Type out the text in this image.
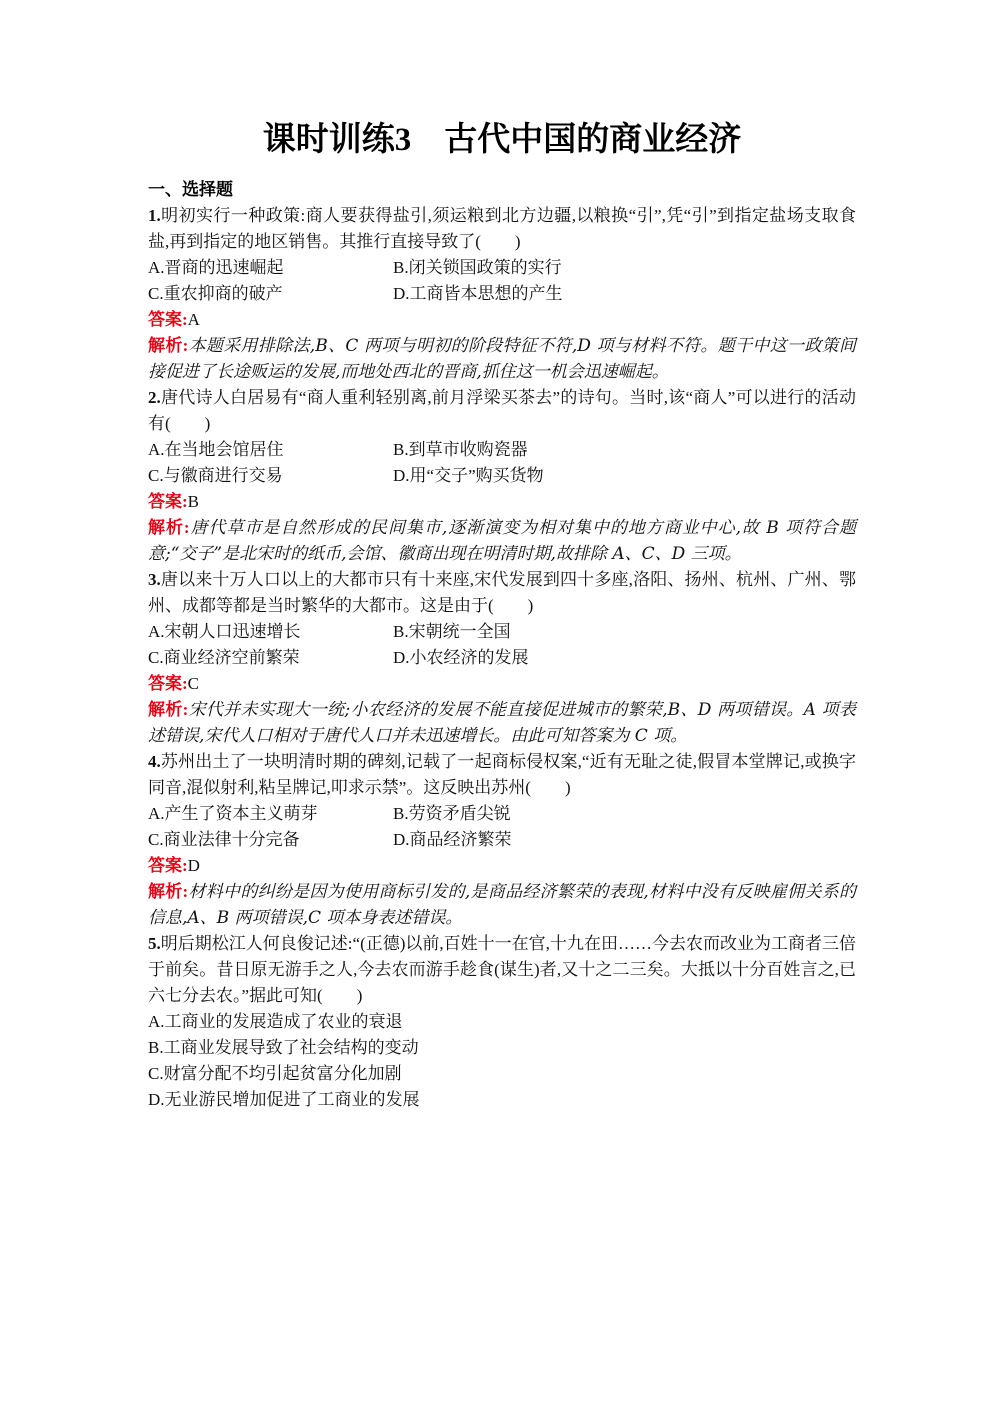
课时训练3　古代中国的商业经济
一、选择题

1.明初实行一种政策:商人要获得盐引,须运粮到北方边疆,以粮换“引”,凭“引”到指定盐场支取食盐,再到指定的地区销售。其推行直接导致了(　　)

A.晋商的迅速崛起	B.闭关锁国政策的实行
C.重农抑商的破产	D.工商皆本思想的产生

答案:A

解析:本题采用排除法,B、C 两项与明初的阶段特征不符,D 项与材料不符。题干中这一政策间接促进了长途贩运的发展,而地处西北的晋商,抓住这一机会迅速崛起。

2.唐代诗人白居易有“商人重利轻别离,前月浮梁买茶去”的诗句。当时,该“商人”可以进行的活动有(　　)

A.在当地会馆居住	B.到草市收购瓷器
C.与徽商进行交易	D.用“交子”购买货物

答案:B

解析:唐代草市是自然形成的民间集市,逐渐演变为相对集中的地方商业中心,故 B 项符合题意;“交子”是北宋时的纸币,会馆、徽商出现在明清时期,故排除 A、C、D 三项。

3.唐以来十万人口以上的大都市只有十来座,宋代发展到四十多座,洛阳、扬州、杭州、广州、鄂州、成都等都是当时繁华的大都市。这是由于(　　)

A.宋朝人口迅速增长	B.宋朝统一全国
C.商业经济空前繁荣	D.小农经济的发展

答案:C

解析:宋代并未实现大一统;小农经济的发展不能直接促进城市的繁荣,B、D 两项错误。A 项表述错误,宋代人口相对于唐代人口并未迅速增长。由此可知答案为 C 项。

4.苏州出土了一块明清时期的碑刻,记载了一起商标侵权案,“近有无耻之徒,假冒本堂牌记,或换字同音,混似射利,粘呈牌记,叩求示禁”。这反映出苏州(　　)

A.产生了资本主义萌芽	B.劳资矛盾尖锐
C.商业法律十分完备	D.商品经济繁荣

答案:D

解析:材料中的纠纷是因为使用商标引发的,是商品经济繁荣的表现,材料中没有反映雇佣关系的信息,A、B 两项错误,C 项本身表述错误。

5.明后期松江人何良俊记述:“(正德)以前,百姓十一在官,十九在田……今去农而改业为工商者三倍于前矣。昔日原无游手之人,今去农而游手趁食(谋生)者,又十之二三矣。大抵以十分百姓言之,已六七分去农。”据此可知(　　)

A.工商业的发展造成了农业的衰退
B.工商业发展导致了社会结构的变动
C.财富分配不均引起贫富分化加剧
D.无业游民增加促进了工商业的发展
